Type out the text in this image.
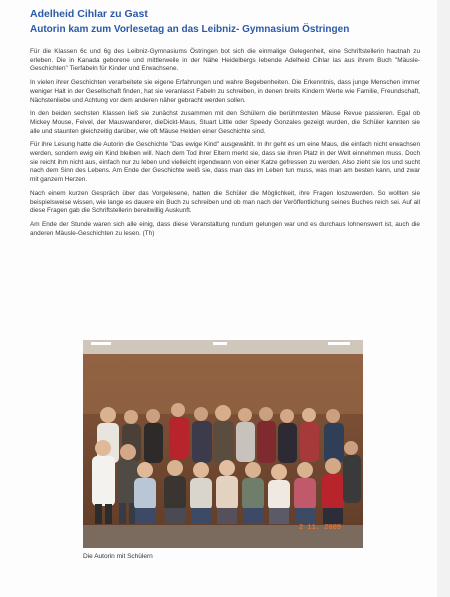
Adelheid Cihlar zu Gast
Autorin kam zum Vorlesetag an das Leibniz- Gymnasium Östringen

Für die Klassen 6c und 6g des Leibniz-Gymnasiums Östringen bot sich die einmalige Gelegenheit, eine Schriftstellerin hautnah zu erleben. Die in Kanada geborene und mittlerweile in der Nähe Heidelbergs lebende Adelheid Cihlar las aus ihrem Buch "Mäusle-Geschichten" Tierfabeln für Kinder und Erwachsene.

In vielen ihrer Geschichten verarbeitete sie eigene Erfahrungen und wahre Begebenheiten. Die Erkenntnis, dass junge Menschen immer weniger Halt in der Gesellschaft finden, hat sie veranlasst Fabeln zu schreiben, in denen breits Kindern Werte wie Familie, Freundschaft, Nächstenliebe und Achtung vor dem anderen näher gebracht werden sollen.

In den beiden sechsten Klassen ließ sie zunächst zusammen mit den Schülern die berühmtesten Mäuse Revue passieren. Egal ob Mickey Mouse, Feivel, der Mauswanderer, dieDickt-Maus, Stuart Little oder Speedy Gonzales gezeigt wurden, die Schüler kannten sie alle und staunten gleichzeitig darüber, wie oft Mäuse Helden einer Geschichte sind.

Für ihre Lesung hatte die Autorin die Geschichte "Das ewige Kind" ausgewählt. In ihr geht es um eine Maus, die einfach nicht erwachsen werden, sondern ewig ein Kind bleiben will. Nach dem Tod ihrer Eltern merkt sie, dass sie ihren Platz in der Welt einnehmen muss. Doch sie reicht ihm nicht aus, einfach nur zu leben und vielleicht irgendwann von einer Katze gefressen zu werden. Also zieht sie los und sucht nach dem Sinn des Lebens. Am Ende der Geschichte weiß sie, dass man das im Leben tun muss, was man am besten kann, und zwar mit ganzem Herzen.

Nach einem kurzen Gespräch über das Vorgelesene, hatten die Schüler die Möglichkeit, ihre Fragen loszuwerden. So wollten sie beispielsweise wissen, wie lange es dauere ein Buch zu schreiben und ob man nach der Veröffentlichung seines Buches reich sei. Auf all diese Fragen gab die Schriftstellerin bereitwillig Auskunft.

Am Ende der Stunde waren sich alle einig, dass diese Veranstaltung rundum gelungen war und es durchaus lohnenswert ist, auch die anderen Mäusle-Geschichten zu lesen. (Th)

2 11. 2009
Die Autorin mit Schülern
